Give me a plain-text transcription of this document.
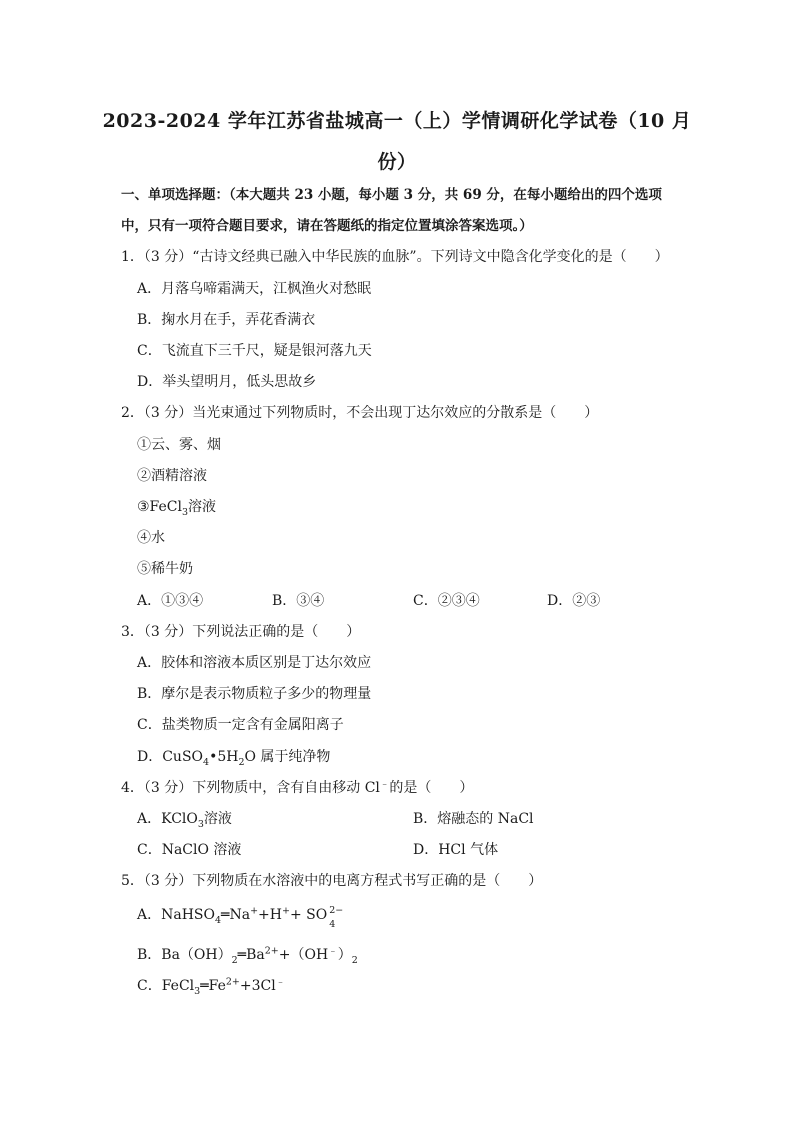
2023-2024 学年江苏省盐城高一（上）学情调研化学试卷（10 月
份）
一、单项选择题：（本大题共 23 小题，每小题 3 分，共 69 分，在每小题给出的四个选项
中，只有一项符合题目要求，请在答题纸的指定位置填涂答案选项。）
1．（3 分）“古诗文经典已融入中华民族的血脉”。下列诗文中隐含化学变化的是（　　）
A．月落乌啼霜满天，江枫渔火对愁眠
B．掬水月在手，弄花香满衣
C．飞流直下三千尺，疑是银河落九天
D．举头望明月，低头思故乡
2．（3 分）当光束通过下列物质时，不会出现丁达尔效应的分散系是（　　）
①云、雾、烟
②酒精溶液
③FeCl$_3$溶液
④水
⑤稀牛奶
A．①③④	B．③④	C．②③④	D．②③
3．（3 分）下列说法正确的是（　　）
A．胶体和溶液本质区别是丁达尔效应
B．摩尔是表示物质粒子多少的物理量
C．盐类物质一定含有金属阳离子
D．$CuSO_4•5H_2O$ 属于纯净物
4．（3 分）下列物质中，含有自由移动 Cl﹣的是（　　）
A．KClO$_3$溶液	B．熔融态的 NaCl
C．NaClO 溶液	D．HCl 气体
5．（3 分）下列物质在水溶液中的电离方程式书写正确的是（　　）
A．NaHSO$_4$═Na++H++ SO 2−
4
B．$Ba(OH)_2═Ba^{2+}+(OH^﹣)_2$
C．$FeCl_3═Fe^{2+}+3Cl^﹣$
